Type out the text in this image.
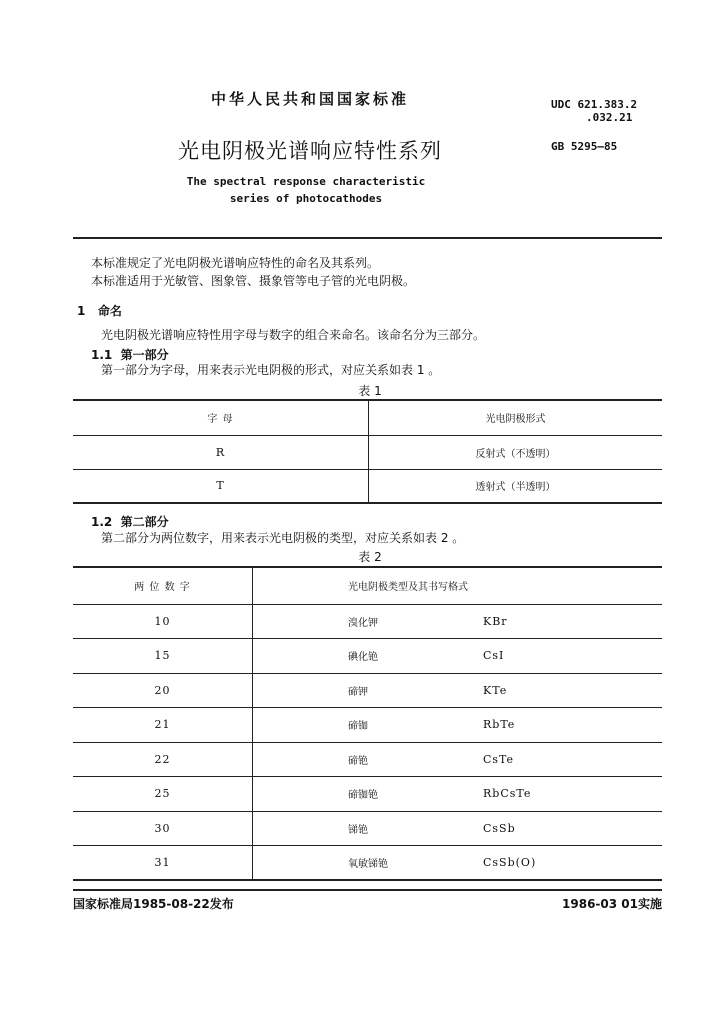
中华人民共和国国家标准	UDC 621.383.2
.032.21
光电阴极光谱响应特性系列	GB 5295—85
The spectral response characteristic
series of photocathodes
本标准规定了光电阴极光谱响应特性的命名及其系列。
本标准适用于光敏管、图象管、摄象管等电子管的光电阴极。
1 命名
光电阴极光谱响应特性用字母与数字的组合来命名。该命名分为三部分。
1.1 第一部分
第一部分为字母，用来表示光电阴极的形式，对应关系如表 1 。
表 1
字 母	光电阴极形式
R	反射式（不透明）
T	透射式（半透明）
1.2 第二部分
第二部分为两位数字，用来表示光电阴极的类型，对应关系如表 2 。
表 2
两 位 数 字	光电阴极类型及其书写格式	
10	溴化钾	KBr
15	碘化铯	CsI
20	碲钾	KTe
21	碲铷	RbTe
22	碲铯	CsTe
25	碲铷铯	RbCsTe
30	锑铯	CsSb
31	氧敏锑铯	CsSb(O)
国家标准局1985-08-22发布	1986-03 01实施
